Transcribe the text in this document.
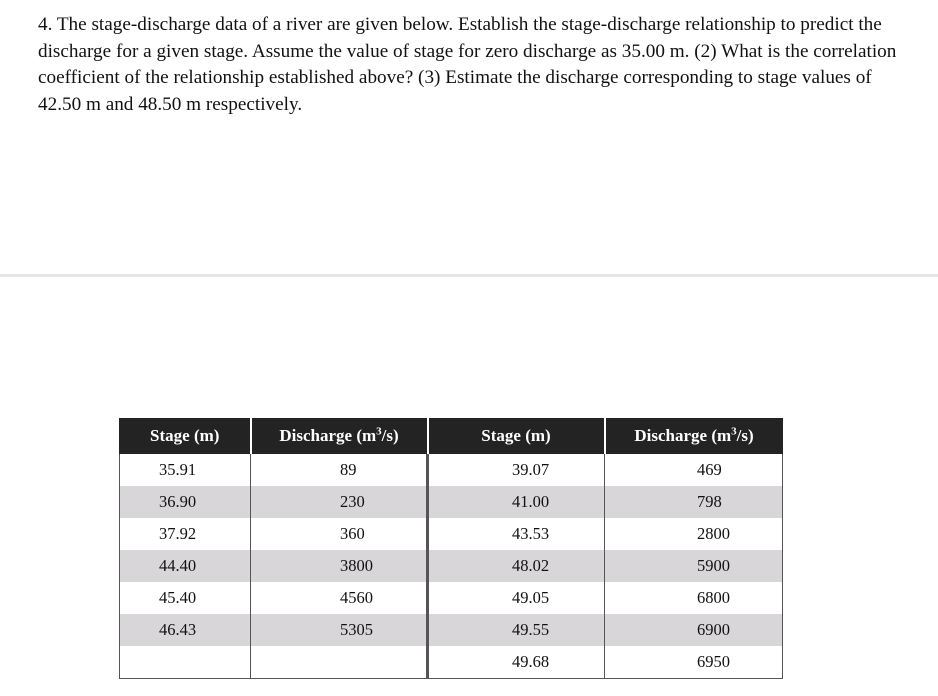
4. The stage-discharge data of a river are given below. Establish the stage-discharge relationship to predict the discharge for a given stage. Assume the value of stage for zero discharge as 35.00 m. (2) What is the correlation coefficient of the relationship established above? (3) Estimate the discharge corresponding to stage values of 42.50 m and 48.50 m respectively.

Stage (m)	Discharge $(m^3/s)$	Stage (m)	Discharge $(m^3/s)$
35.91	89	39.07	469
36.90	230	41.00	798
37.92	360	43.53	2800
44.40	3800	48.02	5900
45.40	4560	49.05	6800
46.43	5305	49.55	6900
		49.68	6950
